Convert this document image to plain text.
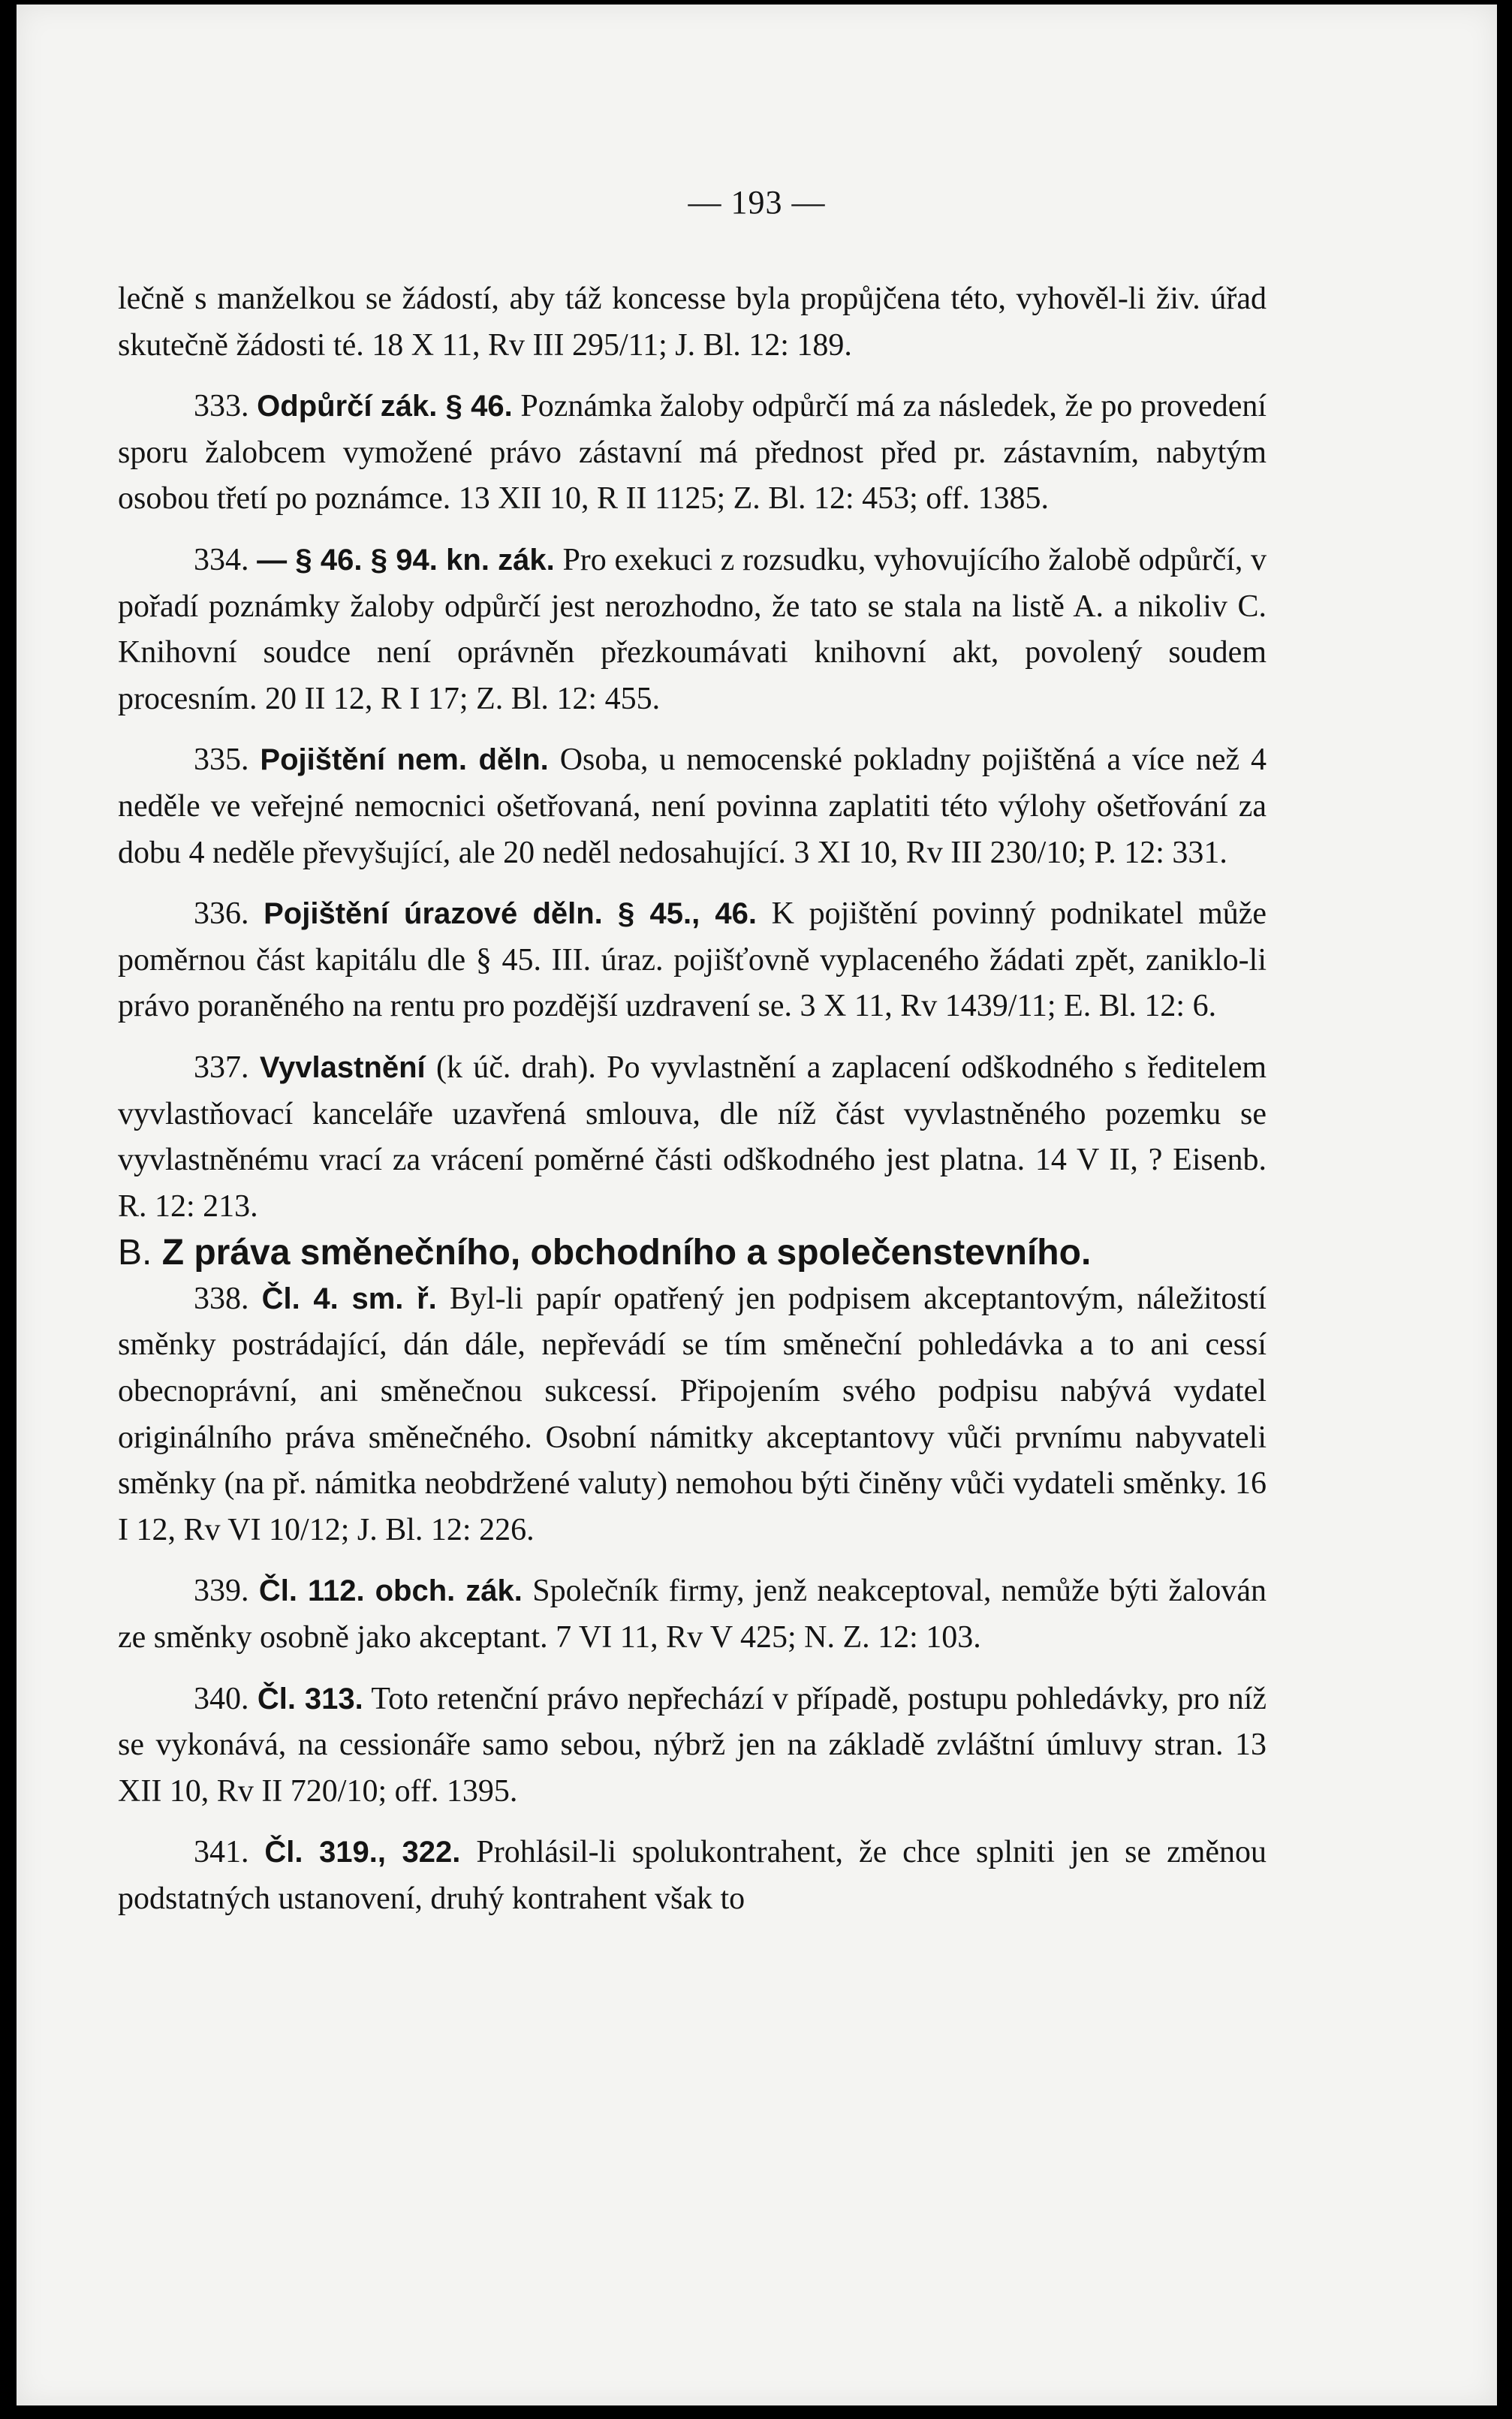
— 193 —

lečně s manželkou se žádostí, aby táž koncesse byla propůjčena této, vyhověl-li živ. úřad skutečně žádosti té. 18 X 11, Rv III 295/11; J. Bl. 12: 189.

333. Odpůrčí zák. § 46. Poznámka žaloby odpůrčí má za následek, že po provedení sporu žalobcem vymožené právo zástavní má přednost před pr. zástavním, nabytým osobou třetí po poznámce. 13 XII 10, R II 1125; Z. Bl. 12: 453; off. 1385.

334. — § 46. § 94. kn. zák. Pro exekuci z rozsudku, vyhovujícího žalobě odpůrčí, v pořadí poznámky žaloby odpůrčí jest nerozhodno, že tato se stala na listě A. a nikoliv C. Knihovní soudce není oprávněn přezkoumávati knihovní akt, povolený soudem procesním. 20 II 12, R I 17; Z. Bl. 12: 455.

335. Pojištění nem. děln. Osoba, u nemocenské pokladny pojištěná a více než 4 neděle ve veřejné nemocnici ošetřovaná, není povinna zaplatiti této výlohy ošetřování za dobu 4 neděle převyšující, ale 20 neděl nedosahující. 3 XI 10, Rv III 230/10; P. 12: 331.

336. Pojištění úrazové děln. § 45., 46. K pojištění povinný podnikatel může poměrnou část kapitálu dle § 45. III. úraz. pojišťovně vyplaceného žádati zpět, zaniklo-li právo poraněného na rentu pro pozdější uzdravení se. 3 X 11, Rv 1439/11; E. Bl. 12: 6.

337. Vyvlastnění (k úč. drah). Po vyvlastnění a zaplacení odškodného s ředitelem vyvlastňovací kanceláře uzavřená smlouva, dle níž část vyvlastněného pozemku se vyvlastněnému vrací za vrácení poměrné části odškodného jest platna. 14 V II, ? Eisenb. R. 12: 213.

B. Z práva směnečního, obchodního a společenstevního.

338. Čl. 4. sm. ř. Byl-li papír opatřený jen podpisem akceptantovým, náležitostí směnky postrádající, dán dále, nepřevádí se tím směneční pohledávka a to ani cessí obecnoprávní, ani směnečnou sukcessí. Připojením svého podpisu nabývá vydatel originálního práva směnečného. Osobní námitky akceptantovy vůči prvnímu nabyvateli směnky (na př. námitka neobdržené valuty) nemohou býti činěny vůči vydateli směnky. 16 I 12, Rv VI 10/12; J. Bl. 12: 226.

339. Čl. 112. obch. zák. Společník firmy, jenž neakceptoval, nemůže býti žalován ze směnky osobně jako akceptant. 7 VI 11, Rv V 425; N. Z. 12: 103.

340. Čl. 313. Toto retenční právo nepřechází v případě, postupu pohledávky, pro níž se vykonává, na cessionáře samo sebou, nýbrž jen na základě zvláštní úmluvy stran. 13 XII 10, Rv II 720/10; off. 1395.

341. Čl. 319., 322. Prohlásil-li spolukontrahent, že chce splniti jen se změnou podstatných ustanovení, druhý kontrahent však to
